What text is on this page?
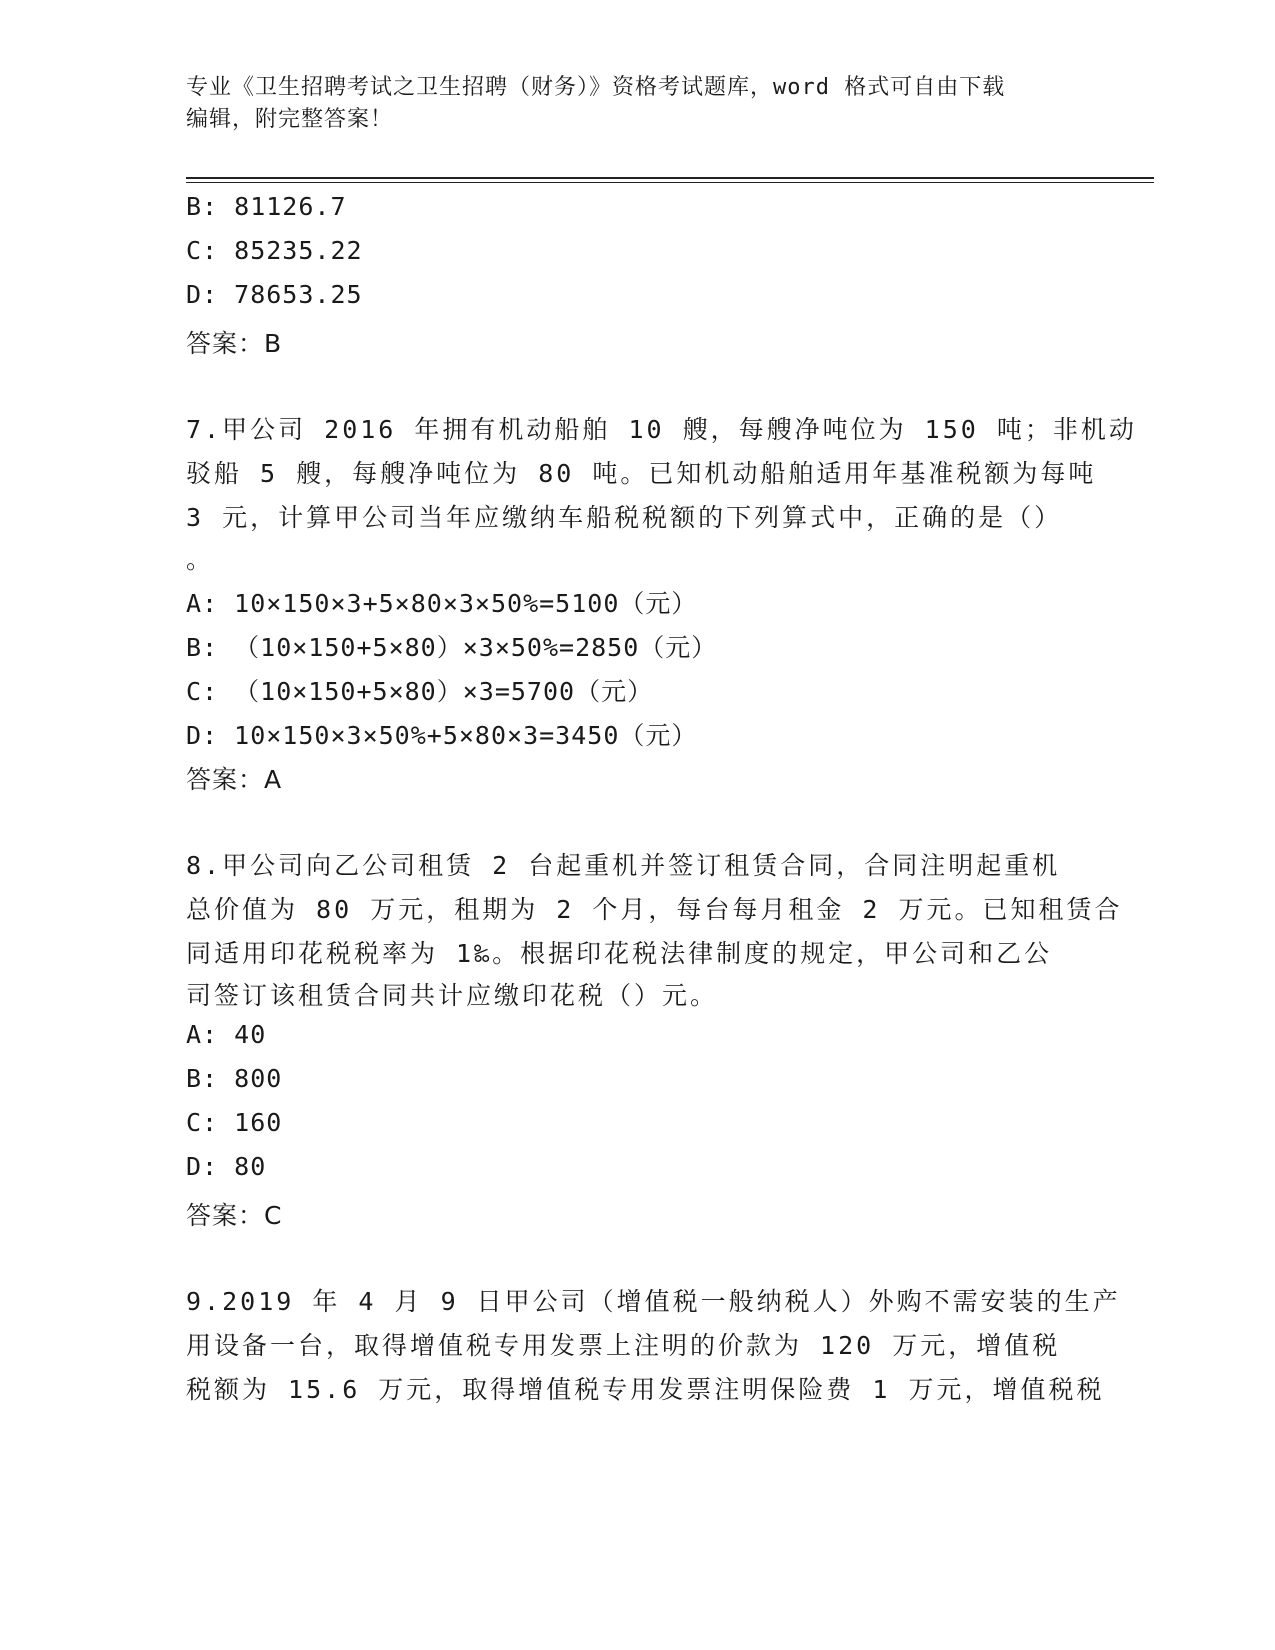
专业《卫生招聘考试之卫生招聘（财务）》资格考试题库，word 格式可自由下载
编辑，附完整答案！
B: 81126.7
C: 85235.22
D: 78653.25
答案：B
7.甲公司 2016 年拥有机动船舶 10 艘，每艘净吨位为 150 吨；非机动
驳船 5 艘，每艘净吨位为 80 吨。已知机动船舶适用年基准税额为每吨
3 元，计算甲公司当年应缴纳车船税税额的下列算式中，正确的是（）
。
A: 10×150×3+5×80×3×50%=5100（元）
B: （10×150+5×80）×3×50%=2850（元）
C: （10×150+5×80）×3=5700（元）
D: 10×150×3×50%+5×80×3=3450（元）
答案：A
8.甲公司向乙公司租赁 2 台起重机并签订租赁合同，合同注明起重机
总价值为 80 万元，租期为 2 个月，每台每月租金 2 万元。已知租赁合
同适用印花税税率为 1‰。根据印花税法律制度的规定，甲公司和乙公
司签订该租赁合同共计应缴印花税（）元。
A: 40
B: 800
C: 160
D: 80
答案：C
9.2019 年 4 月 9 日甲公司（增值税一般纳税人）外购不需安装的生产
用设备一台，取得增值税专用发票上注明的价款为 120 万元，增值税
税额为 15.6 万元，取得增值税专用发票注明保险费 1 万元，增值税税
